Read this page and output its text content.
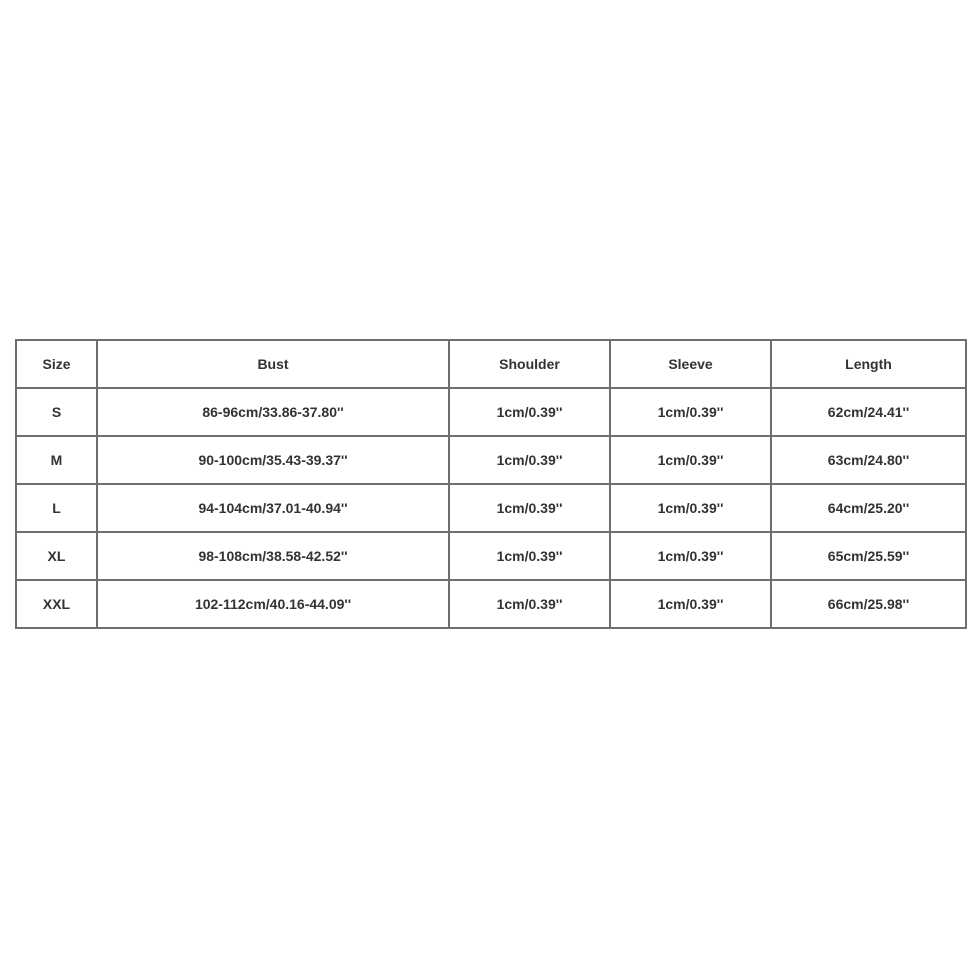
Size	Bust	Shoulder	Sleeve	Length
S	86-96cm/33.86-37.80''	1cm/0.39''	1cm/0.39''	62cm/24.41''
M	90-100cm/35.43-39.37''	1cm/0.39''	1cm/0.39''	63cm/24.80''
L	94-104cm/37.01-40.94''	1cm/0.39''	1cm/0.39''	64cm/25.20''
XL	98-108cm/38.58-42.52''	1cm/0.39''	1cm/0.39''	65cm/25.59''
XXL	102-112cm/40.16-44.09''	1cm/0.39''	1cm/0.39''	66cm/25.98''
